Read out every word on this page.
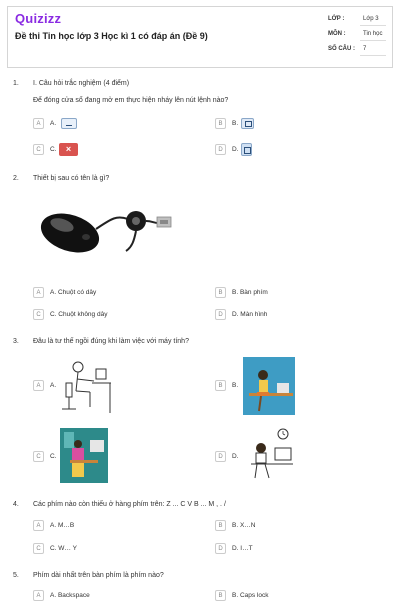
Quizizz
Đề thi Tin học lớp 3 Học kì 1 có đáp án (Đề 9)
LỚP :	Lớp 3
MÔN :	Tin học
SỐ CÂU : 7
1. I. Câu hỏi trắc nghiệm (4 điểm)
Để đóng cửa sổ đang mở em thực hiện nháy lên nút lệnh nào?
A	A.	B	B.
C	C.	×	D	D.
2. Thiết bị sau có tên là gì?
A	A. Chuột có dây	B	B. Bàn phím
C	C. Chuột không dây	D	D. Màn hình
3. Đâu là tư thế ngồi đúng khi làm việc với máy tính?
A	A.	B	B.
C	C.	D	D.
4. Các phím nào còn thiếu ở hàng phím trên: Z ... C V B ... M , . /
A	A. M…B	B	B. X…N
C	C. W… Y	D	D. I…T
5. Phím dài nhất trên bàn phím là phím nào?
A	A. Backspace	B	B. Caps lock
